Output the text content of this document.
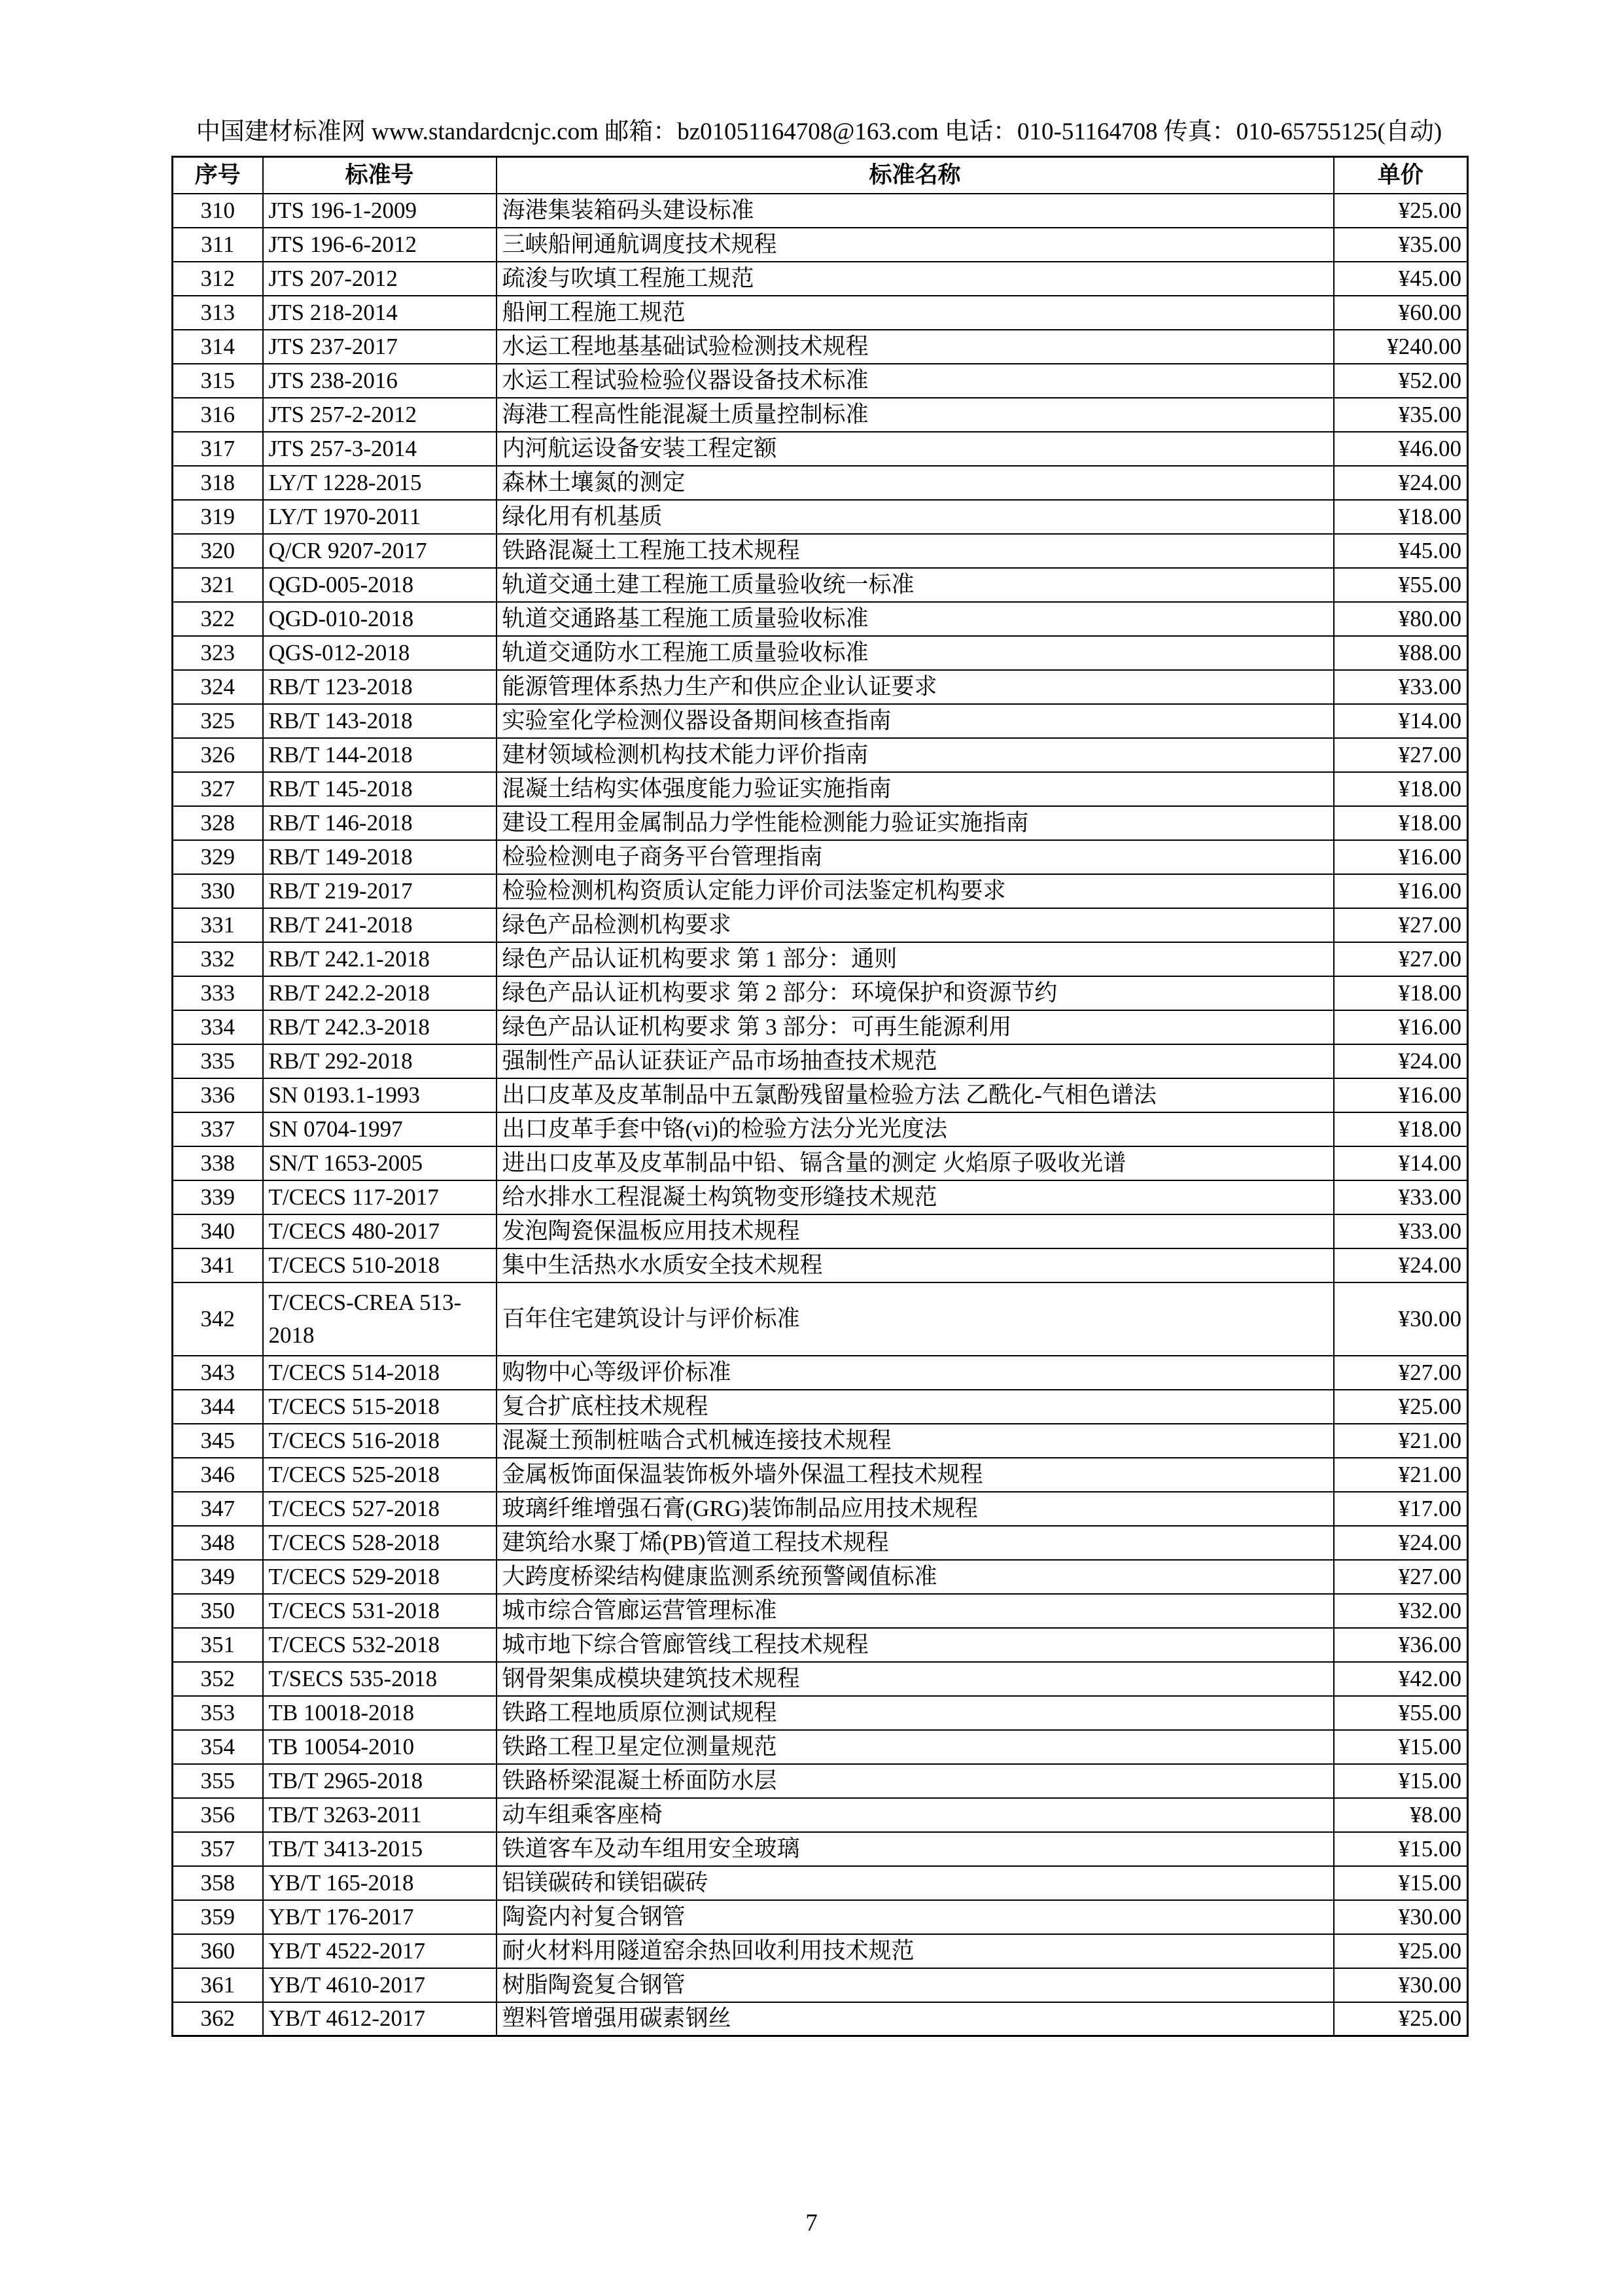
中国建材标准网 www.standardcnjc.com 邮箱：bz01051164708@163.com 电话：010-51164708 传真：010-65755125(自动)
序号	标准号	标准名称	单价
310	JTS 196-1-2009	海港集装箱码头建设标准	¥25.00
311	JTS 196-6-2012	三峡船闸通航调度技术规程	¥35.00
312	JTS 207-2012	疏浚与吹填工程施工规范	¥45.00
313	JTS 218-2014	船闸工程施工规范	¥60.00
314	JTS 237-2017	水运工程地基基础试验检测技术规程	¥240.00
315	JTS 238-2016	水运工程试验检验仪器设备技术标准	¥52.00
316	JTS 257-2-2012	海港工程高性能混凝土质量控制标准	¥35.00
317	JTS 257-3-2014	内河航运设备安装工程定额	¥46.00
318	LY/T 1228-2015	森林土壤氮的测定	¥24.00
319	LY/T 1970-2011	绿化用有机基质	¥18.00
320	Q/CR 9207-2017	铁路混凝土工程施工技术规程	¥45.00
321	QGD-005-2018	轨道交通土建工程施工质量验收统一标准	¥55.00
322	QGD-010-2018	轨道交通路基工程施工质量验收标准	¥80.00
323	QGS-012-2018	轨道交通防水工程施工质量验收标准	¥88.00
324	RB/T 123-2018	能源管理体系热力生产和供应企业认证要求	¥33.00
325	RB/T 143-2018	实验室化学检测仪器设备期间核查指南	¥14.00
326	RB/T 144-2018	建材领域检测机构技术能力评价指南	¥27.00
327	RB/T 145-2018	混凝土结构实体强度能力验证实施指南	¥18.00
328	RB/T 146-2018	建设工程用金属制品力学性能检测能力验证实施指南	¥18.00
329	RB/T 149-2018	检验检测电子商务平台管理指南	¥16.00
330	RB/T 219-2017	检验检测机构资质认定能力评价司法鉴定机构要求	¥16.00
331	RB/T 241-2018	绿色产品检测机构要求	¥27.00
332	RB/T 242.1-2018	绿色产品认证机构要求 第 1 部分：通则	¥27.00
333	RB/T 242.2-2018	绿色产品认证机构要求 第 2 部分：环境保护和资源节约	¥18.00
334	RB/T 242.3-2018	绿色产品认证机构要求 第 3 部分：可再生能源利用	¥16.00
335	RB/T 292-2018	强制性产品认证获证产品市场抽查技术规范	¥24.00
336	SN 0193.1-1993	出口皮革及皮革制品中五氯酚残留量检验方法 乙酰化-气相色谱法	¥16.00
337	SN 0704-1997	出口皮革手套中铬(vi)的检验方法分光光度法	¥18.00
338	SN/T 1653-2005	进出口皮革及皮革制品中铅、镉含量的测定 火焰原子吸收光谱	¥14.00
339	T/CECS 117-2017	给水排水工程混凝土构筑物变形缝技术规范	¥33.00
340	T/CECS 480-2017	发泡陶瓷保温板应用技术规程	¥33.00
341	T/CECS 510-2018	集中生活热水水质安全技术规程	¥24.00
342	T/CECS-CREA 513-2018	百年住宅建筑设计与评价标准	¥30.00
343	T/CECS 514-2018	购物中心等级评价标准	¥27.00
344	T/CECS 515-2018	复合扩底柱技术规程	¥25.00
345	T/CECS 516-2018	混凝土预制桩啮合式机械连接技术规程	¥21.00
346	T/CECS 525-2018	金属板饰面保温装饰板外墙外保温工程技术规程	¥21.00
347	T/CECS 527-2018	玻璃纤维增强石膏(GRG)装饰制品应用技术规程	¥17.00
348	T/CECS 528-2018	建筑给水聚丁烯(PB)管道工程技术规程	¥24.00
349	T/CECS 529-2018	大跨度桥梁结构健康监测系统预警阈值标准	¥27.00
350	T/CECS 531-2018	城市综合管廊运营管理标准	¥32.00
351	T/CECS 532-2018	城市地下综合管廊管线工程技术规程	¥36.00
352	T/SECS 535-2018	钢骨架集成模块建筑技术规程	¥42.00
353	TB 10018-2018	铁路工程地质原位测试规程	¥55.00
354	TB 10054-2010	铁路工程卫星定位测量规范	¥15.00
355	TB/T 2965-2018	铁路桥梁混凝土桥面防水层	¥15.00
356	TB/T 3263-2011	动车组乘客座椅	¥8.00
357	TB/T 3413-2015	铁道客车及动车组用安全玻璃	¥15.00
358	YB/T 165-2018	铝镁碳砖和镁铝碳砖	¥15.00
359	YB/T 176-2017	陶瓷内衬复合钢管	¥30.00
360	YB/T 4522-2017	耐火材料用隧道窑余热回收利用技术规范	¥25.00
361	YB/T 4610-2017	树脂陶瓷复合钢管	¥30.00
362	YB/T 4612-2017	塑料管增强用碳素钢丝	¥25.00
7
